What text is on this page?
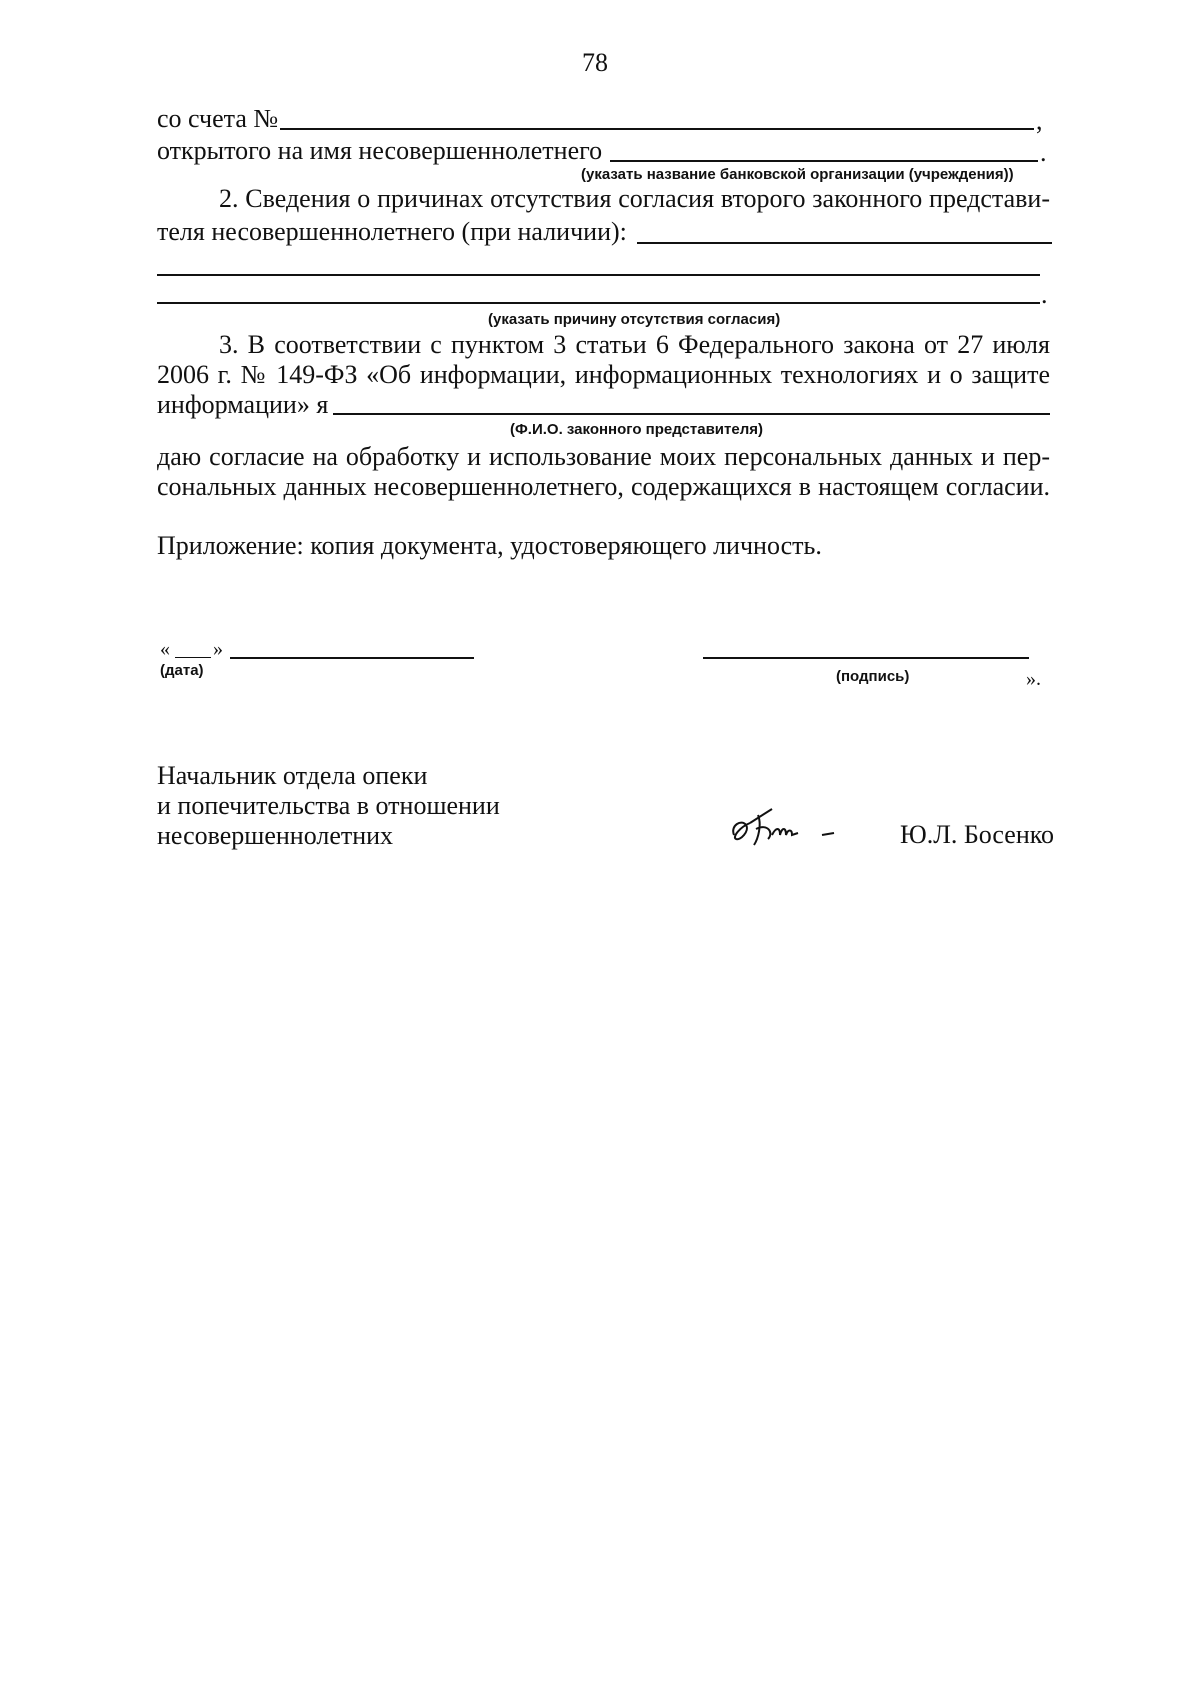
78
со счета №	,
открытого на имя несовершеннолетнего	.
(указать название банковской организации (учреждения))
2. Сведения о причинах отсутствия согласия второго законного представи-
теля несовершеннолетнего (при наличии):
.
(указать причину отсутствия согласия)
3. В соответствии с пунктом 3 статьи 6 Федерального закона от 27 июля
2006 г. № 149-ФЗ «Об информации, информационных технологиях и о защите
информации» я
(Ф.И.О. законного представителя)
даю согласие на обработку и использование моих персональных данных и пер-
сональных данных несовершеннолетнего, содержащихся в настоящем согласии.
Приложение: копия документа, удостоверяющего личность.
« »
(дата)	(подпись)	».
Начальник отдела опеки
и попечительства в отношении
несовершеннолетних	Ю.Л. Босенко
